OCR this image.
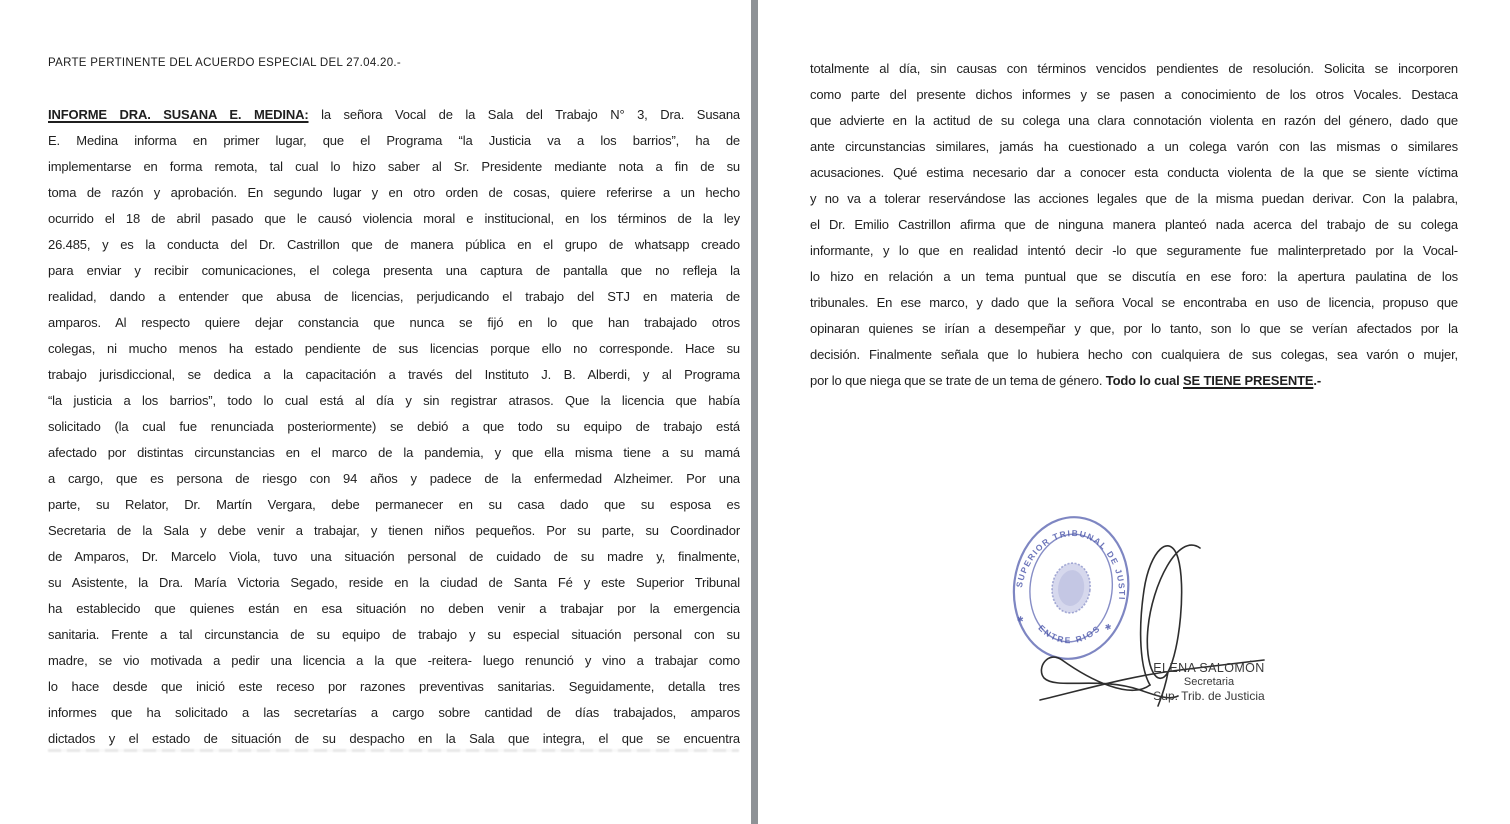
PARTE PERTINENTE DEL ACUERDO ESPECIAL DEL 27.04.20.-
INFORME DRA. SUSANA E. MEDINA: la señora Vocal de la Sala del Trabajo N° 3, Dra. Susana
E. Medina informa en primer lugar, que el Programa “la Justicia va a los barrios”, ha de
implementarse en forma remota, tal cual lo hizo saber al Sr. Presidente mediante nota a fin de su
toma de razón y aprobación. En segundo lugar y en otro orden de cosas, quiere referirse a un hecho
ocurrido el 18 de abril pasado que le causó violencia moral e institucional, en los términos de la ley
26.485, y es la conducta del Dr. Castrillon que de manera pública en el grupo de whatsapp creado
para enviar y recibir comunicaciones, el colega presenta una captura de pantalla que no refleja la
realidad, dando a entender que abusa de licencias, perjudicando el trabajo del STJ en materia de
amparos. Al respecto quiere dejar constancia que nunca se fijó en lo que han trabajado otros
colegas, ni mucho menos ha estado pendiente de sus licencias porque ello no corresponde. Hace su
trabajo jurisdiccional, se dedica a la capacitación a través del Instituto J. B. Alberdi, y al Programa
“la justicia a los barrios”, todo lo cual está al día y sin registrar atrasos. Que la licencia que había
solicitado (la cual fue renunciada posteriormente) se debió a que todo su equipo de trabajo está
afectado por distintas circunstancias en el marco de la pandemia, y que ella misma tiene a su mamá
a cargo, que es persona de riesgo con 94 años y padece de la enfermedad Alzheimer. Por una
parte, su Relator, Dr. Martín Vergara, debe permanecer en su casa dado que su esposa es
Secretaria de la Sala y debe venir a trabajar, y tienen niños pequeños. Por su parte, su Coordinador
de Amparos, Dr. Marcelo Viola, tuvo una situación personal de cuidado de su madre y, finalmente,
su Asistente, la Dra. María Victoria Segado, reside en la ciudad de Santa Fé y este Superior Tribunal
ha establecido que quienes están en esa situación no deben venir a trabajar por la emergencia
sanitaria. Frente a tal circunstancia de su equipo de trabajo y su especial situación personal con su
madre, se vio motivada a pedir una licencia a la que -reitera- luego renunció y vino a trabajar como
lo hace desde que inició este receso por razones preventivas sanitarias. Seguidamente, detalla tres
informes que ha solicitado a las secretarías a cargo sobre cantidad de días trabajados, amparos
dictados y el estado de situación de su despacho en la Sala que integra, el que se encuentra
totalmente al día, sin causas con términos vencidos pendientes de resolución. Solicita se incorporen
como parte del presente dichos informes y se pasen a conocimiento de los otros Vocales. Destaca
que advierte en la actitud de su colega una clara connotación violenta en razón del género, dado que
ante circunstancias similares, jamás ha cuestionado a un colega varón con las mismas o similares
acusaciones. Qué estima necesario dar a conocer esta conducta violenta de la que se siente víctima
y no va a tolerar reservándose las acciones legales que de la misma puedan derivar. Con la palabra,
el Dr. Emilio Castrillon afirma que de ninguna manera planteó nada acerca del trabajo de su colega
informante, y lo que en realidad intentó decir -lo que seguramente fue malinterpretado por la Vocal-
lo hizo en relación a un tema puntual que se discutía en ese foro: la apertura paulatina de los
tribunales. En ese marco, y dado que la señora Vocal se encontraba en uso de licencia, propuso que
opinaran quienes se irían a desempeñar y que, por lo tanto, son lo que se verían afectados por la
decisión. Finalmente señala que lo hubiera hecho con cualquiera de sus colegas, sea varón o mujer,
por lo que niega que se trate de un tema de género. Todo lo cual SE TIENE PRESENTE.-
SUPERIOR TRIBUNAL DE JUSTICIA
ENTRE RIOS
✱
✱
ELENA SALOMÓN
Secretaria
Sup. Trib. de Justicia
